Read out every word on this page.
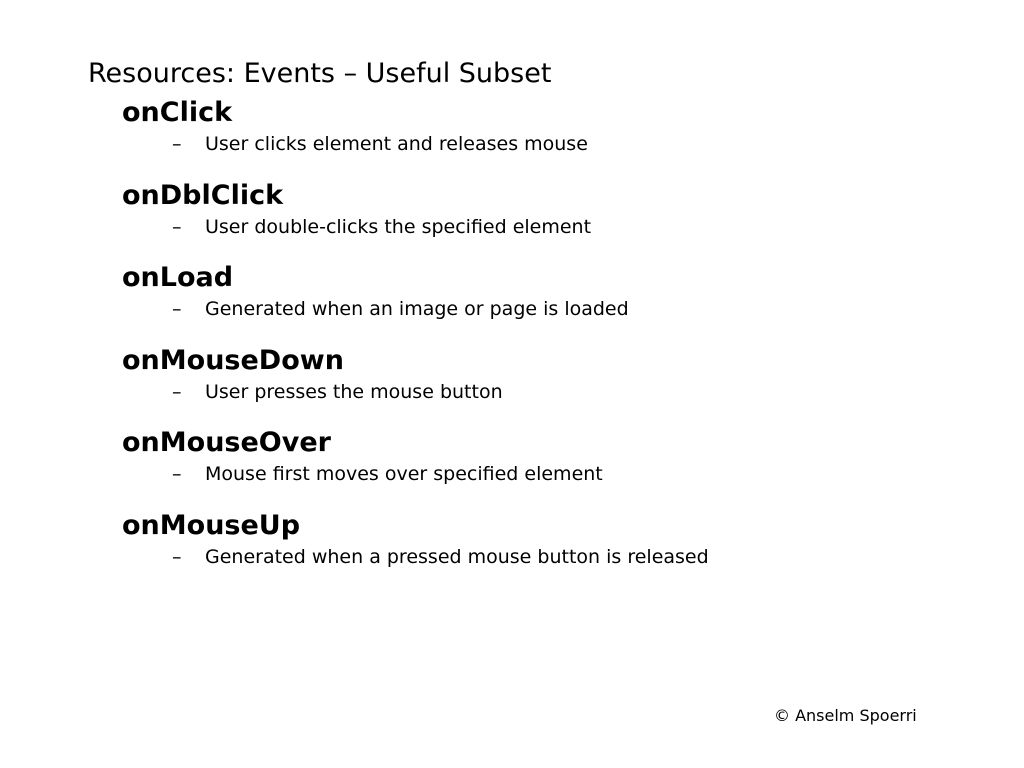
Resources: Events – Useful Subset
onClick
– User clicks element and releases mouse
onDblClick
– User double-clicks the specified element
onLoad
– Generated when an image or page is loaded
onMouseDown
– User presses the mouse button
onMouseOver
– Mouse first moves over specified element
onMouseUp
– Generated when a pressed mouse button is released
© Anselm Spoerri
